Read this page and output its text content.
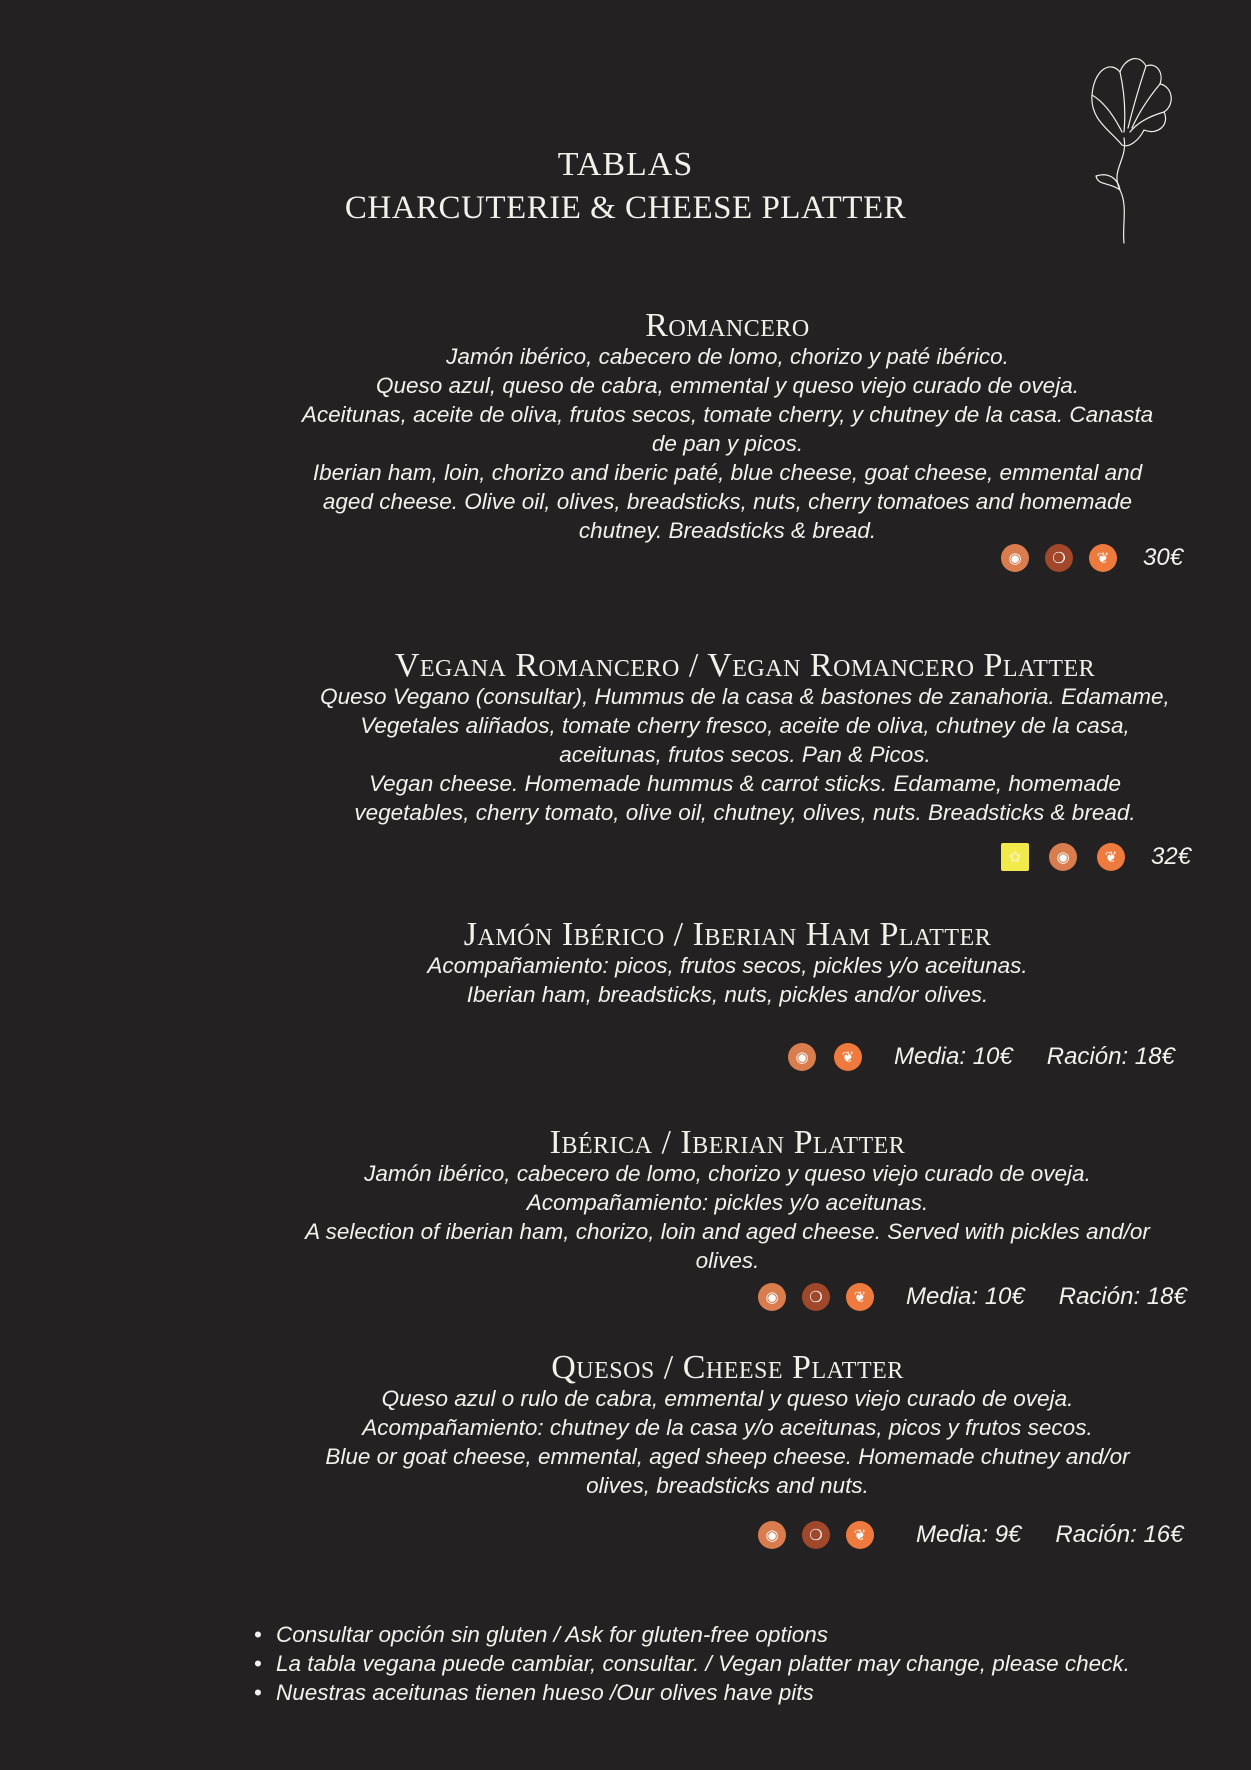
TABLAS
CHARCUTERIE & CHEESE PLATTER
Romancero
Jamón ibérico, cabecero de lomo, chorizo y paté ibérico.
Queso azul, queso de cabra, emmental y queso viejo curado de oveja.
Aceitunas, aceite de oliva, frutos secos, tomate cherry, y chutney de la casa. Canasta
de pan y picos.
Iberian ham, loin, chorizo and iberic paté, blue cheese, goat cheese, emmental and
aged cheese. Olive oil, olives, breadsticks, nuts, cherry tomatoes and homemade
chutney. Breadsticks & bread.
◉	❍	❦	30€
Vegana Romancero / Vegan Romancero Platter
Queso Vegano (consultar), Hummus de la casa & bastones de zanahoria. Edamame,
Vegetales aliñados, tomate cherry fresco, aceite de oliva, chutney de la casa,
aceitunas, frutos secos. Pan & Picos.
Vegan cheese. Homemade hummus & carrot sticks. Edamame, homemade
vegetables, cherry tomato, olive oil, chutney, olives, nuts. Breadsticks & bread.
✿	◉	❦	32€
Jamón Ibérico / Iberian Ham Platter
Acompañamiento: picos, frutos secos, pickles y/o aceitunas.
Iberian ham, breadsticks, nuts, pickles and/or olives.
◉	❦	Media: 10€ Ración: 18€
Ibérica / Iberian Platter
Jamón ibérico, cabecero de lomo, chorizo y queso viejo curado de oveja.
Acompañamiento: pickles y/o aceitunas.
A selection of iberian ham, chorizo, loin and aged cheese. Served with pickles and/or
olives.
◉	❍	❦	Media: 10€ Ración: 18€
Quesos / Cheese Platter
Queso azul o rulo de cabra, emmental y queso viejo curado de oveja.
Acompañamiento: chutney de la casa y/o aceitunas, picos y frutos secos.
Blue or goat cheese, emmental, aged sheep cheese. Homemade chutney and/or
olives, breadsticks and nuts.
◉	❍	❦	Media: 9€ Ración: 16€
• Consultar opción sin gluten / Ask for gluten-free options
• La tabla vegana puede cambiar, consultar. / Vegan platter may change, please check.
• Nuestras aceitunas tienen hueso /Our olives have pits
